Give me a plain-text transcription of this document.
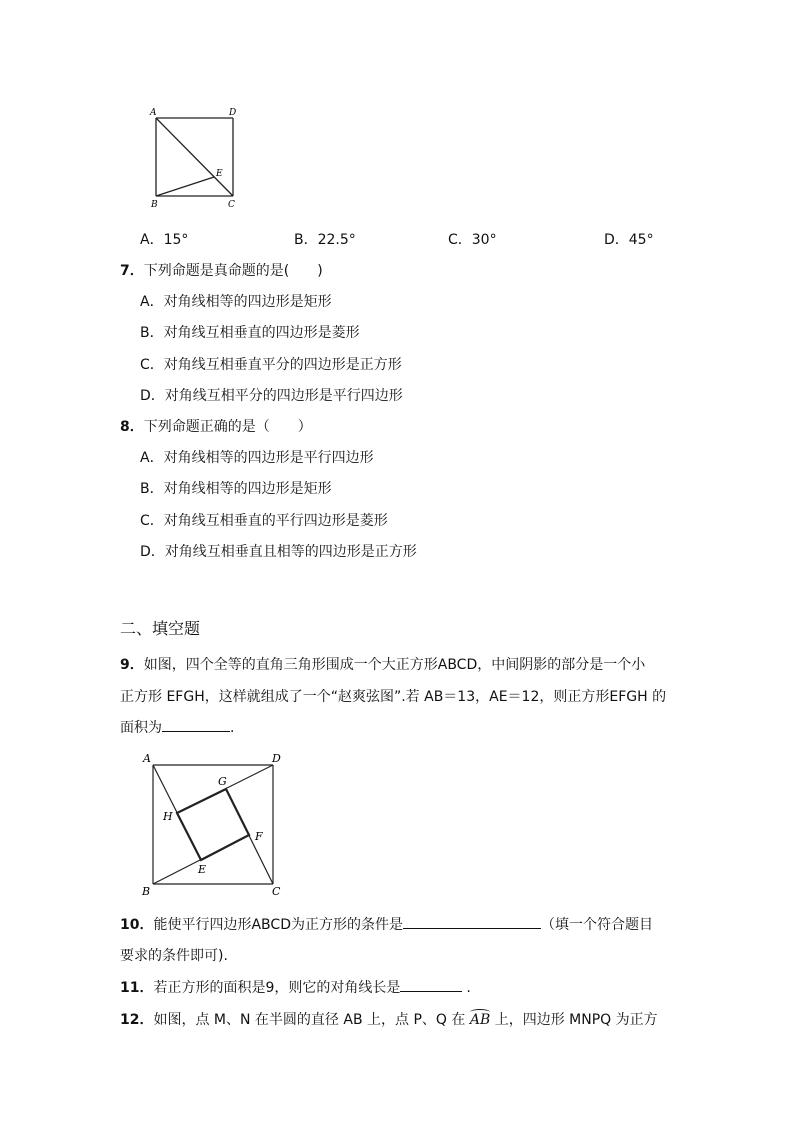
A	D
E
B	C
A．15°	B．22.5°	C．30°	D．45°
7．下列命题是真命题的是(　　)
A．对角线相等的四边形是矩形
B．对角线互相垂直的四边形是菱形
C．对角线互相垂直平分的四边形是正方形
D．对角线互相平分的四边形是平行四边形
8．下列命题正确的是（　　）
A．对角线相等的四边形是平行四边形
B．对角线相等的四边形是矩形
C．对角线互相垂直的平行四边形是菱形
D．对角线互相垂直且相等的四边形是正方形
二、填空题
9．如图，四个全等的直角三角形围成一个大正方形ABCD，中间阴影的部分是一个小
正方形 EFGH，这样就组成了一个“赵爽弦图”.若 AB＝13，AE＝12，则正方形EFGH 的
面积为	.
A	D
G
H
F
E
B	C
10．能使平行四边形ABCD为正方形的条件是	（填一个符合题目
要求的条件即可).
11．若正方形的面积是9，则它的对角线长是	.
12．如图，点 M、N 在半圆的直径 AB 上，点 P、Q 在 AB 上，四边形 MNPQ 为正方
